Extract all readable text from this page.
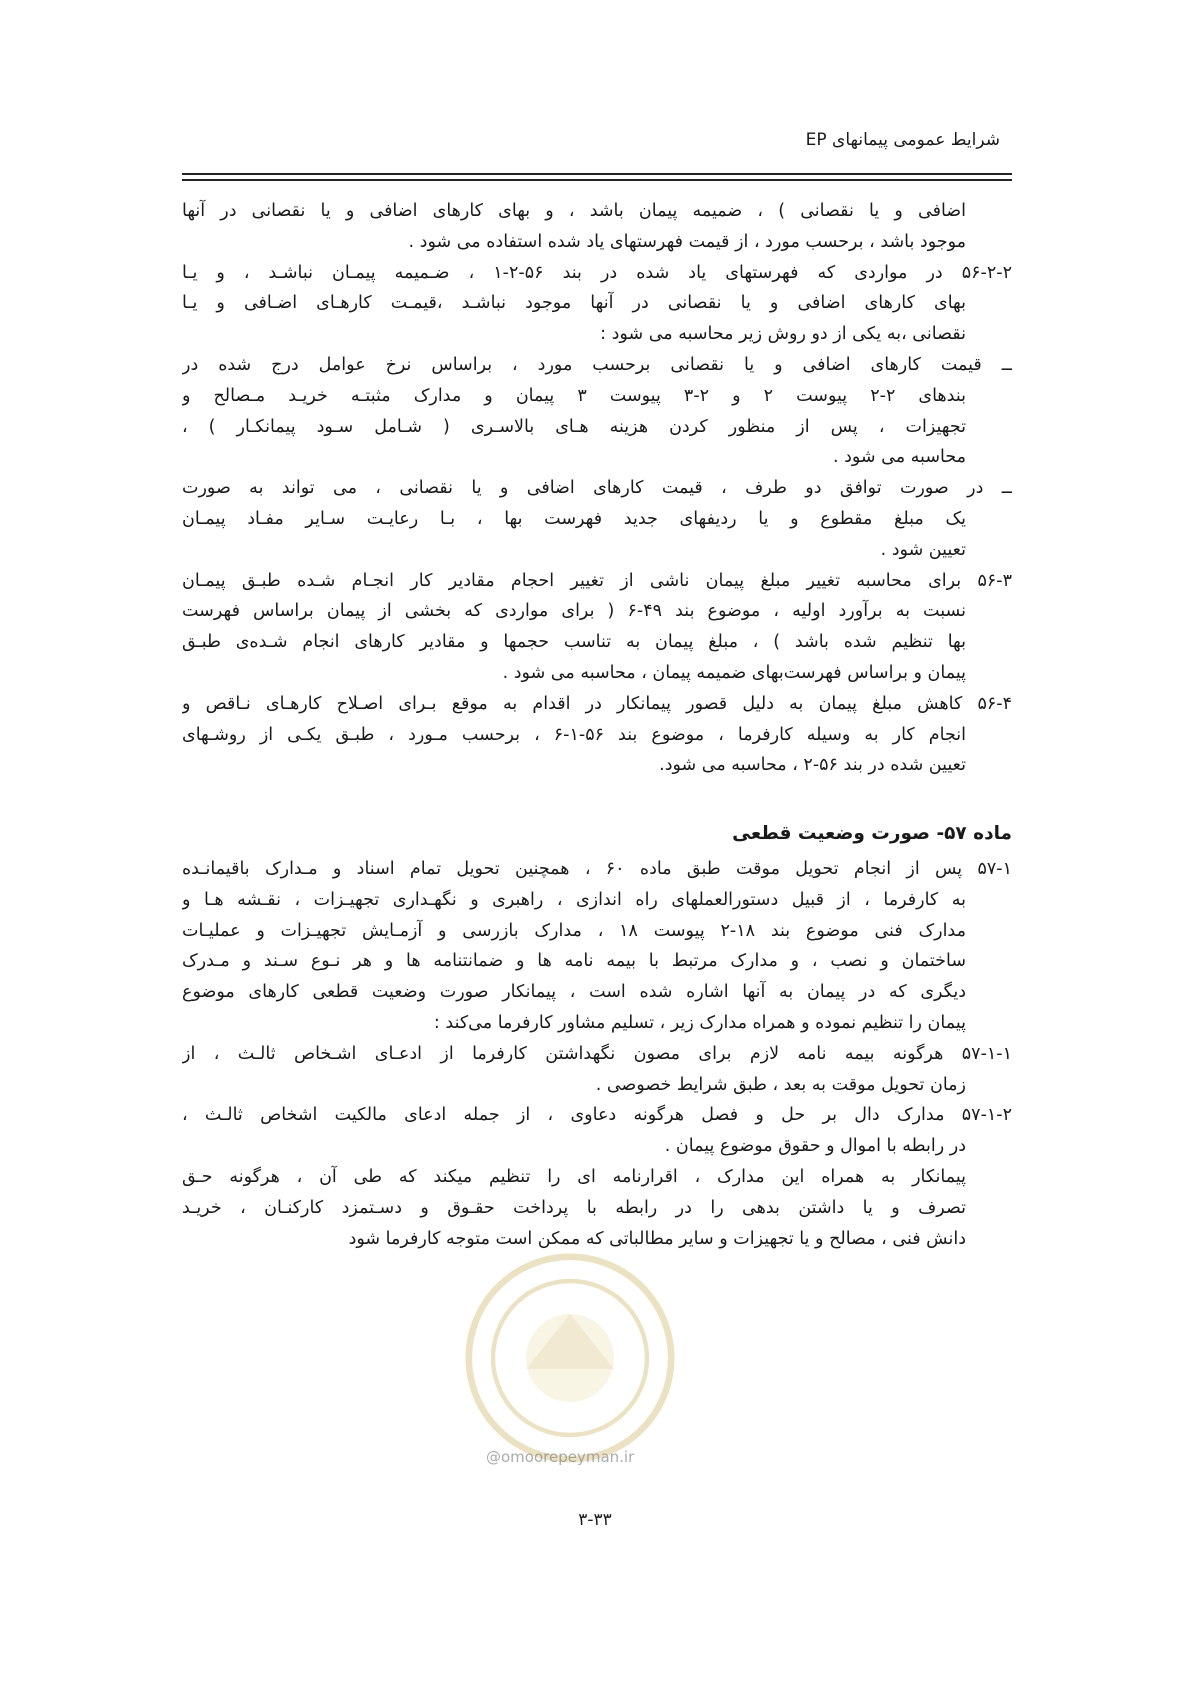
شرایط عمومی پیمانهای EP
اضافی و یا نقصانی ) ، ضمیمه پیمان باشد ، و بهای کارهای اضافی و یا نقصانی در آنها
موجود باشد ، برحسب مورد ، از قیمت فهرستهای یاد شده استفاده می شود .
۵۶-۲-۲ در مواردی که فهرستهای یاد شده در بند ۵۶-۲-۱ ، ضـمیمه پیمـان نباشـد ، و یـا
بهای کارهای اضافی و یا نقصانی در آنها موجود نباشـد ،قیمـت کارهـای اضـافی و یـا
نقصانی ،به یکی از دو روش زیر محاسبه می شود :
ــ قیمت کارهای اضافی و یا نقصانی برحسب مورد ، براساس نرخ عوامل درج شده در
بندهای ۲-۲ پیوست ۲ و ۲-۳ پیوست ۳ پیمان و مدارک مثبتـه خریـد مـصالح و
تجهیزات ، پس از منظور کردن هزینه هـای بالاسـری ( شـامل سـود پیمانکـار ) ،
محاسبه می شود .
ــ در صورت توافق دو طرف ، قیمت کارهای اضافی و یا نقصانی ، می تواند به صورت
یک مبلغ مقطوع و یا ردیفهای جدید فهرست بها ، بـا رعایـت سـایر مفـاد پیمـان
تعیین شود .
۵۶-۳ برای محاسبه تغییر مبلغ پیمان ناشی از تغییر احجام مقادیر کار انجـام شـده طبـق پیمـان
نسبت به برآورد اولیه ، موضوع بند ۴۹-۶ ( برای مواردی که بخشی از پیمان براساس فهرست
بها تنظیم شده باشد ) ، مبلغ پیمان به تناسب حجمها و مقادیر کارهای انجام شـده‌ی طبـق
پیمان و براساس فهرست‌بهای ضمیمه پیمان ، محاسبه می شود .
۵۶-۴ کاهش مبلغ پیمان به دلیل قصور پیمانکار در اقدام به موقع بـرای اصـلاح کارهـای نـاقص و
انجام کار به وسیله کارفرما ، موضوع بند ۵۶-۱-۶ ، برحسب مـورد ، طبـق یکـی از روشـهای
تعیین شده در بند ۵۶-۲ ، محاسبه می شود.
ماده ۵۷- صورت وضعیت قطعی
۵۷-۱ پس از انجام تحویل موقت طبق ماده ۶۰ ، همچنین تحویل تمام اسناد و مـدارک باقیمانـده
به کارفرما ، از قبیل دستورالعملهای راه اندازی ، راهبری و نگهـداری تجهیـزات ، نقـشه هـا و
مدارک فنی موضوع بند ۱۸-۲ پیوست ۱۸ ، مدارک بازرسی و آزمـایش تجهیـزات و عملیـات
ساختمان و نصب ، و مدارک مرتبط با بیمه نامه ها و ضمانتنامه ها و هر نـوع سـند و مـدرک
دیگری که در پیمان به آنها اشاره شده است ، پیمانکار صورت وضعیت قطعی کارهای موضوع
پیمان را تنظیم نموده و همراه مدارک زیر ، تسلیم مشاور کارفرما می‌کند :
۵۷-۱-۱ هرگونه بیمه نامه لازم برای مصون نگهداشتن کارفرما از ادعـای اشـخاص ثالـث ، از
زمان تحویل موقت به بعد ، طبق شرایط خصوصی .
۵۷-۱-۲ مدارک دال بر حل و فصل هرگونه دعاوی ، از جمله ادعای مالکیت اشخاص ثالـث ،
در رابطه با اموال و حقوق موضوع پیمان .
پیمانکار به همراه این مدارک ، اقرارنامه ای را تنظیم میکند که طی آن ، هرگونه حـق
تصرف و یا داشتن بدهی را در رابطه با پرداخت حقـوق و دسـتمزد کارکنـان ، خریـد
دانش فنی ، مصالح و یا تجهیزات و سایر مطالباتی که ممکن است متوجه کارفرما شود
@omoorepeyman.ir
۳-۳۳
